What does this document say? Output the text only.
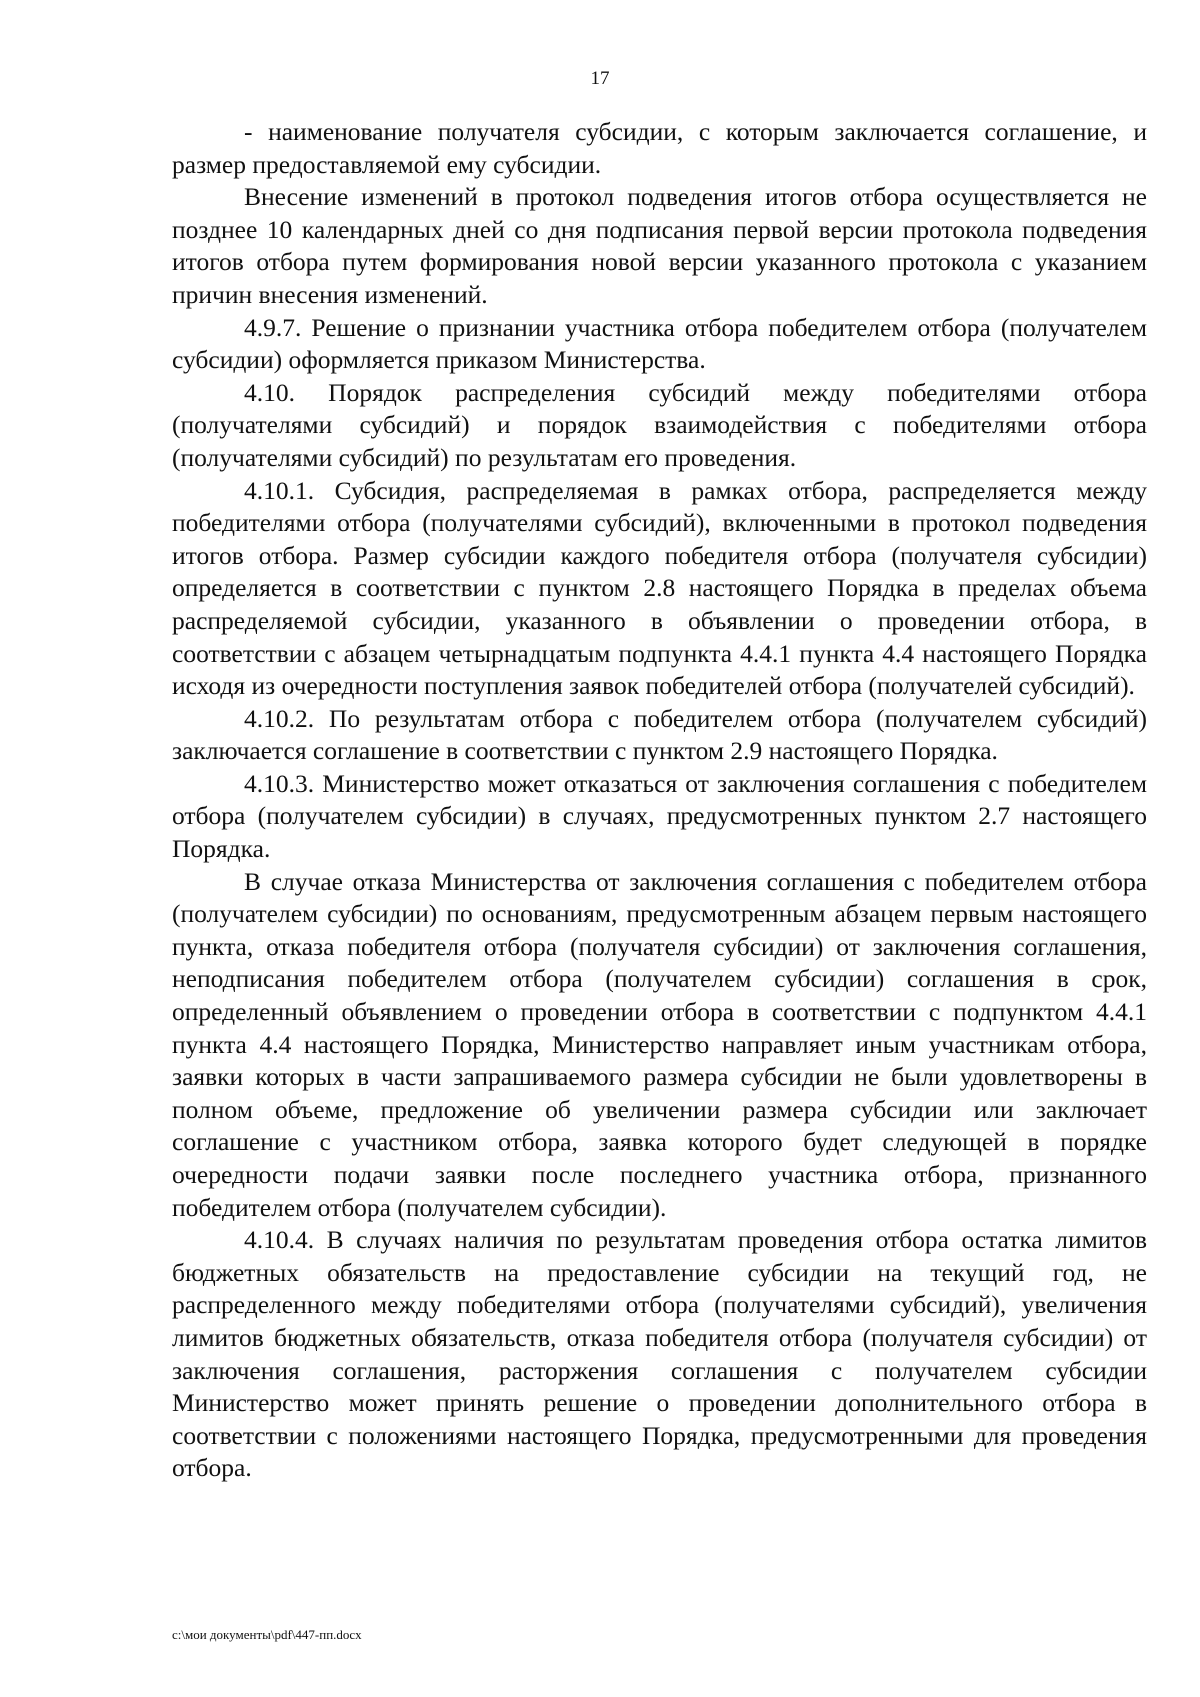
17

- наименование получателя субсидии, с которым заключается соглашение, и размер предоставляемой ему субсидии.

Внесение изменений в протокол подведения итогов отбора осуществляется не позднее 10 календарных дней со дня подписания первой версии протокола подведения итогов отбора путем формирования новой версии указанного протокола с указанием причин внесения изменений.

4.9.7. Решение о признании участника отбора победителем отбора (получателем субсидии) оформляется приказом Министерства.

4.10. Порядок распределения субсидий между победителями отбора (получателями субсидий) и порядок взаимодействия с победителями отбора (получателями субсидий) по результатам его проведения.

4.10.1. Субсидия, распределяемая в рамках отбора, распределяется между победителями отбора (получателями субсидий), включенными в протокол подведения итогов отбора. Размер субсидии каждого победителя отбора (получателя субсидии) определяется в соответствии с пунктом 2.8 настоящего Порядка в пределах объема распределяемой субсидии, указанного в объявлении о проведении отбора, в соответствии с абзацем четырнадцатым подпункта 4.4.1 пункта 4.4 настоящего Порядка исходя из очередности поступления заявок победителей отбора (получателей субсидий).

4.10.2. По результатам отбора с победителем отбора (получателем субсидий) заключается соглашение в соответствии с пунктом 2.9 настоящего Порядка.

4.10.3. Министерство может отказаться от заключения соглашения с победителем отбора (получателем субсидии) в случаях, предусмотренных пунктом 2.7 настоящего Порядка.

В случае отказа Министерства от заключения соглашения с победителем отбора (получателем субсидии) по основаниям, предусмотренным абзацем первым настоящего пункта, отказа победителя отбора (получателя субсидии) от заключения соглашения, неподписания победителем отбора (получателем субсидии) соглашения в срок, определенный объявлением о проведении отбора в соответствии с подпунктом 4.4.1 пункта 4.4 настоящего Порядка, Министерство направляет иным участникам отбора, заявки которых в части запрашиваемого размера субсидии не были удовлетворены в полном объеме, предложение об увеличении размера субсидии или заключает соглашение с участником отбора, заявка которого будет следующей в порядке очередности подачи заявки после последнего участника отбора, признанного победителем отбора (получателем субсидии).

4.10.4. В случаях наличия по результатам проведения отбора остатка лимитов бюджетных обязательств на предоставление субсидии на текущий год, не распределенного между победителями отбора (получателями субсидий), увеличения лимитов бюджетных обязательств, отказа победителя отбора (получателя субсидии) от заключения соглашения, расторжения соглашения с получателем субсидии Министерство может принять решение о проведении дополнительного отбора в соответствии с положениями настоящего Порядка, предусмотренными для проведения отбора.

c:\мои документы\pdf\447-пп.docx
